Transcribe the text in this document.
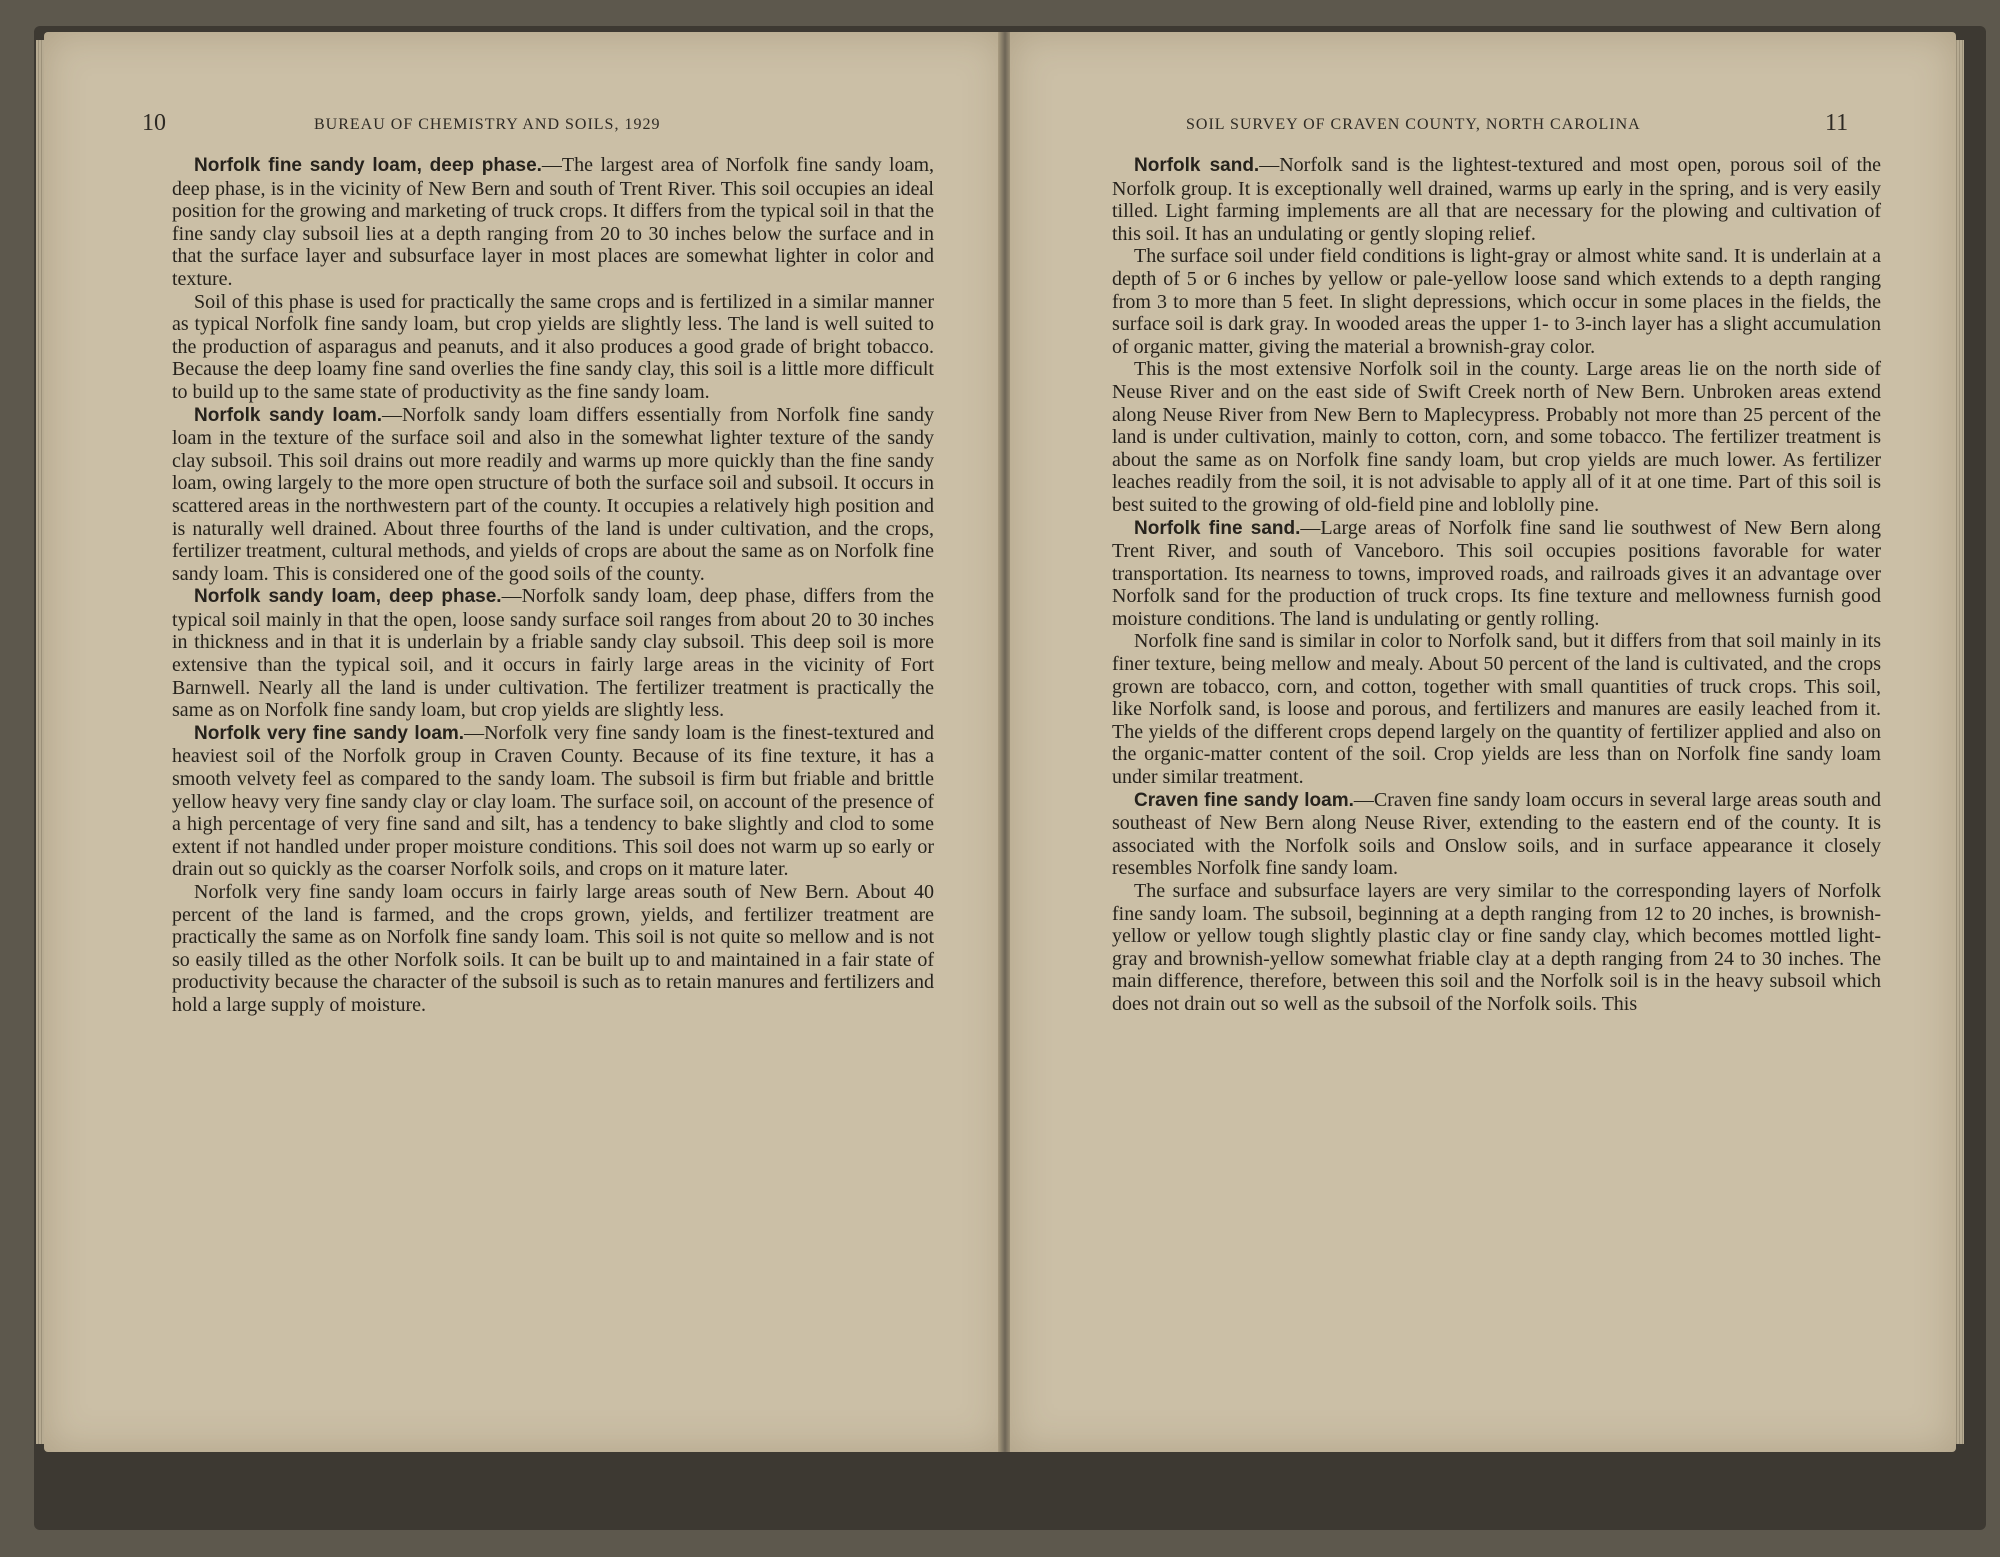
10	BUREAU OF CHEMISTRY AND SOILS, 1929

Norfolk fine sandy loam, deep phase.—The largest area of Norfolk fine sandy loam, deep phase, is in the vicinity of New Bern and south of Trent River. This soil occupies an ideal position for the growing and marketing of truck crops. It differs from the typical soil in that the fine sandy clay subsoil lies at a depth ranging from 20 to 30 inches below the surface and in that the surface layer and subsurface layer in most places are somewhat lighter in color and texture.

Soil of this phase is used for practically the same crops and is fertilized in a similar manner as typical Norfolk fine sandy loam, but crop yields are slightly less. The land is well suited to the production of asparagus and peanuts, and it also produces a good grade of bright tobacco. Because the deep loamy fine sand overlies the fine sandy clay, this soil is a little more difficult to build up to the same state of productivity as the fine sandy loam.

Norfolk sandy loam.—Norfolk sandy loam differs essentially from Norfolk fine sandy loam in the texture of the surface soil and also in the somewhat lighter texture of the sandy clay subsoil. This soil drains out more readily and warms up more quickly than the fine sandy loam, owing largely to the more open structure of both the surface soil and subsoil. It occurs in scattered areas in the northwestern part of the county. It occupies a relatively high position and is naturally well drained. About three fourths of the land is under cultivation, and the crops, fertilizer treatment, cultural methods, and yields of crops are about the same as on Norfolk fine sandy loam. This is considered one of the good soils of the county.

Norfolk sandy loam, deep phase.—Norfolk sandy loam, deep phase, differs from the typical soil mainly in that the open, loose sandy surface soil ranges from about 20 to 30 inches in thickness and in that it is underlain by a friable sandy clay subsoil. This deep soil is more extensive than the typical soil, and it occurs in fairly large areas in the vicinity of Fort Barnwell. Nearly all the land is under cultivation. The fertilizer treatment is practically the same as on Norfolk fine sandy loam, but crop yields are slightly less.

Norfolk very fine sandy loam.—Norfolk very fine sandy loam is the finest-textured and heaviest soil of the Norfolk group in Craven County. Because of its fine texture, it has a smooth velvety feel as compared to the sandy loam. The subsoil is firm but friable and brittle yellow heavy very fine sandy clay or clay loam. The surface soil, on account of the presence of a high percentage of very fine sand and silt, has a tendency to bake slightly and clod to some extent if not handled under proper moisture conditions. This soil does not warm up so early or drain out so quickly as the coarser Norfolk soils, and crops on it mature later.

Norfolk very fine sandy loam occurs in fairly large areas south of New Bern. About 40 percent of the land is farmed, and the crops grown, yields, and fertilizer treatment are practically the same as on Norfolk fine sandy loam. This soil is not quite so mellow and is not so easily tilled as the other Norfolk soils. It can be built up to and maintained in a fair state of productivity because the character of the subsoil is such as to retain manures and fertilizers and hold a large supply of moisture.

SOIL SURVEY OF CRAVEN COUNTY, NORTH CAROLINA	11

Norfolk sand.—Norfolk sand is the lightest-textured and most open, porous soil of the Norfolk group. It is exceptionally well drained, warms up early in the spring, and is very easily tilled. Light farming implements are all that are necessary for the plowing and cultivation of this soil. It has an undulating or gently sloping relief.

The surface soil under field conditions is light-gray or almost white sand. It is underlain at a depth of 5 or 6 inches by yellow or pale-yellow loose sand which extends to a depth ranging from 3 to more than 5 feet. In slight depressions, which occur in some places in the fields, the surface soil is dark gray. In wooded areas the upper 1- to 3-inch layer has a slight accumulation of organic matter, giving the material a brownish-gray color.

This is the most extensive Norfolk soil in the county. Large areas lie on the north side of Neuse River and on the east side of Swift Creek north of New Bern. Unbroken areas extend along Neuse River from New Bern to Maplecypress. Probably not more than 25 percent of the land is under cultivation, mainly to cotton, corn, and some tobacco. The fertilizer treatment is about the same as on Norfolk fine sandy loam, but crop yields are much lower. As fertilizer leaches readily from the soil, it is not advisable to apply all of it at one time. Part of this soil is best suited to the growing of old-field pine and loblolly pine.

Norfolk fine sand.—Large areas of Norfolk fine sand lie southwest of New Bern along Trent River, and south of Vanceboro. This soil occupies positions favorable for water transportation. Its nearness to towns, improved roads, and railroads gives it an advantage over Norfolk sand for the production of truck crops. Its fine texture and mellowness furnish good moisture conditions. The land is undulating or gently rolling.

Norfolk fine sand is similar in color to Norfolk sand, but it differs from that soil mainly in its finer texture, being mellow and mealy. About 50 percent of the land is cultivated, and the crops grown are tobacco, corn, and cotton, together with small quantities of truck crops. This soil, like Norfolk sand, is loose and porous, and fertilizers and manures are easily leached from it. The yields of the different crops depend largely on the quantity of fertilizer applied and also on the organic-matter content of the soil. Crop yields are less than on Norfolk fine sandy loam under similar treatment.

Craven fine sandy loam.—Craven fine sandy loam occurs in several large areas south and southeast of New Bern along Neuse River, extending to the eastern end of the county. It is associated with the Norfolk soils and Onslow soils, and in surface appearance it closely resembles Norfolk fine sandy loam.

The surface and subsurface layers are very similar to the corresponding layers of Norfolk fine sandy loam. The subsoil, beginning at a depth ranging from 12 to 20 inches, is brownish-yellow or yellow tough slightly plastic clay or fine sandy clay, which becomes mottled light-gray and brownish-yellow somewhat friable clay at a depth ranging from 24 to 30 inches. The main difference, therefore, between this soil and the Norfolk soil is in the heavy subsoil which does not drain out so well as the subsoil of the Norfolk soils. This
